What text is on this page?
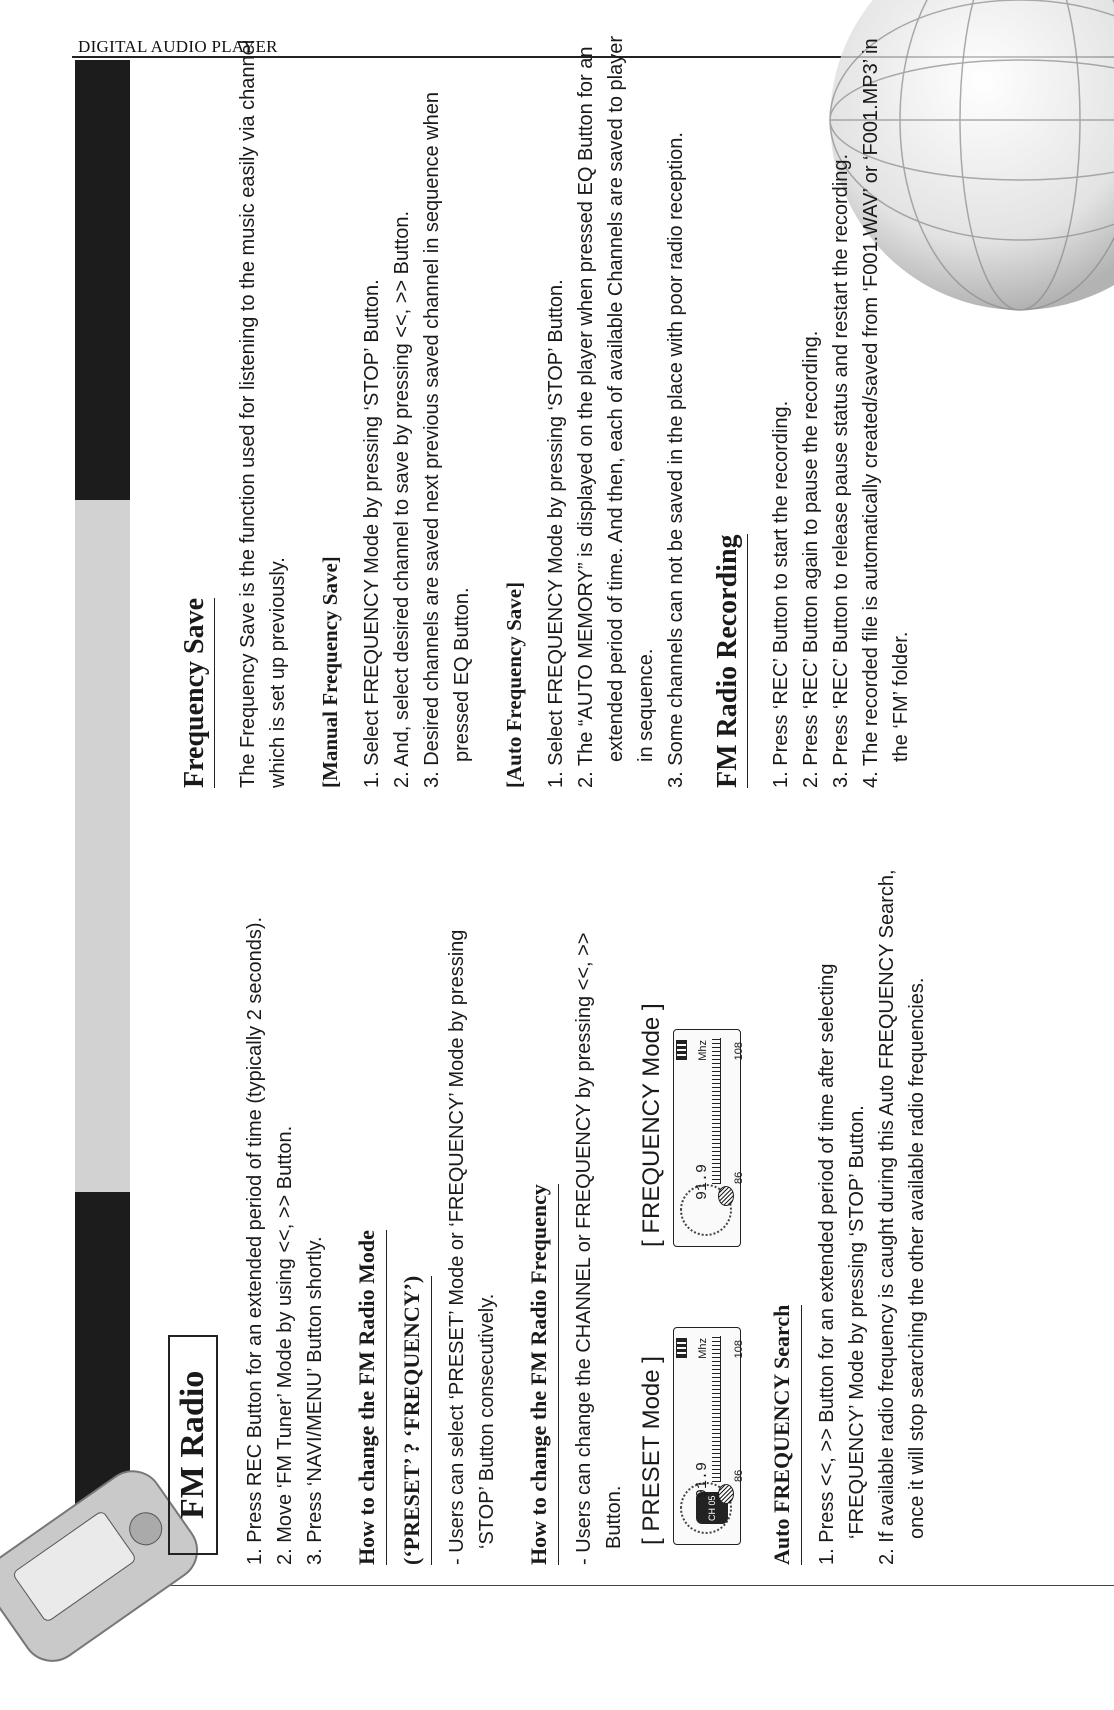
DIGITAL AUDIO PLAYER
FM Radio 1. Press REC Button for an extended period of time (typically 2 seconds). 2. Move ‘FM Tuner’ Mode by using <<, >> Button. 3. Press ‘NAVI/MENU’ Button shortly. How to change the FM Radio Mode (‘PRESET’ ? ‘FREQUENCY’) - Users can select ‘PRESET’ Mode or ‘FREQUENCY’ Mode by pressing ‘STOP’ Button consecutively. How to change the FM Radio Frequency - Users can change the CHANNEL or FREQUENCY by pressing <<, >> Button. [ PRESET Mode ]	CH 05
91.9
Mhz
86
108
[ FREQUENCY Mode ]	91.9
Mhz
86
108
Auto FREQUENCY Search 1. Press <<, >> Button for an extended period of time after selecting ‘FREQUENCY’ Mode by pressing ‘STOP’ Button. 2. If available radio frequency is caught during this Auto FREQUENCY Search, once it will stop searching the other available radio frequencies.
Frequency Save The Frequency Save is the function used for listening to the music easily via channel which is set up previously. [Manual Frequency Save] 1. Select FREQUENCY Mode by pressing ‘STOP’ Button. 2. And, select desired channel to save by pressing <<, >> Button. 3. Desired channels are saved next previous saved channel in sequence when pressed EQ Button. [Auto Frequency Save] 1. Select FREQUENCY Mode by pressing ‘STOP’ Button. 2. The “AUTO MEMORY” is displayed on the player when pressed EQ Button for an extended period of time. And then, each of available Channels are saved to player in sequence. 3. Some channels can not be saved in the place with poor radio reception. FM Radio Recording 1. Press ‘REC’ Button to start the recording. 2. Press ‘REC’ Button again to pause the recording. 3. Press ‘REC’ Button to release pause status and restart the recording. 4. The recorded file is automatically created/saved from ‘F001.WAV’ or ‘F001.MP3’ in the ‘FM’ folder.
